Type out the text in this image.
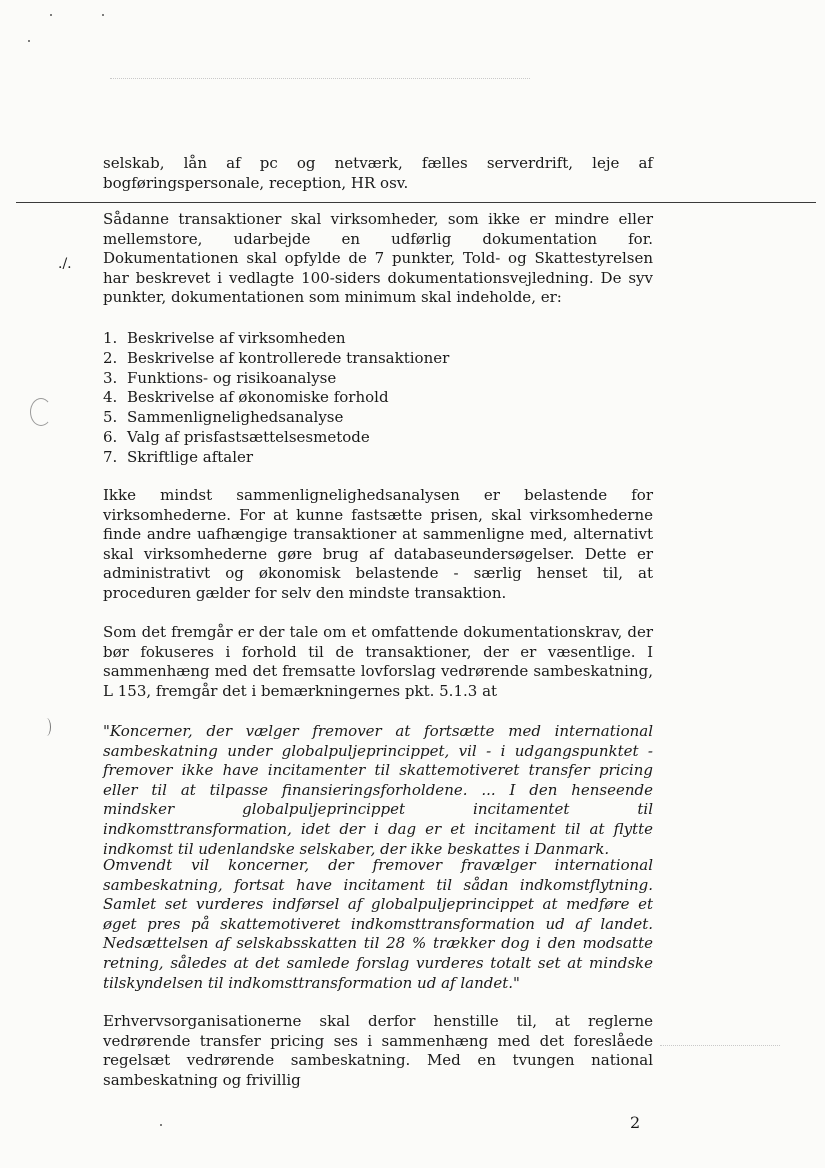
selskab, lån af pc og netværk, fælles serverdrift, leje af bogføringspersonale, reception, HR osv.

./.

Sådanne transaktioner skal virksomheder, som ikke er mindre eller mellemstore, udarbejde en udførlig dokumentation for. Dokumentationen skal opfylde de 7 punkter, Told- og Skattestyrelsen har beskrevet i vedlagte 100-siders dokumentationsvejledning. De syv punkter, dokumentationen som minimum skal indeholde, er:

1. Beskrivelse af virksomheden
2. Beskrivelse af kontrollerede transaktioner
3. Funktions- og risikoanalyse
4. Beskrivelse af økonomiske forhold
5. Sammenlignelighedsanalyse
6. Valg af prisfastsættelsesmetode
7. Skriftlige aftaler

Ikke mindst sammenlignelighedsanalysen er belastende for virksomhederne. For at kunne fastsætte prisen, skal virksomhederne finde andre uafhængige transaktioner at sammenligne med, alternativt skal virksomhederne gøre brug af databaseundersøgelser. Dette er administrativt og økonomisk belastende - særlig henset til, at proceduren gælder for selv den mindste transaktion.

Som det fremgår er der tale om et omfattende dokumentationskrav, der bør fokuseres i forhold til de transaktioner, der er væsentlige. I sammenhæng med det fremsatte lovforslag vedrørende sambeskatning, L 153, fremgår det i bemærkningernes pkt. 5.1.3 at

"Koncerner, der vælger fremover at fortsætte med international sambeskatning under globalpuljeprincippet, vil - i udgangspunktet - fremover ikke have incitamenter til skattemotiveret transfer pricing eller til at tilpasse finansieringsforholdene. ... I den henseende mindsker globalpuljeprincippet incitamentet til indkomsttransformation, idet der i dag er et incitament til at flytte indkomst til udenlandske selskaber, der ikke beskattes i Danmark.

Omvendt vil koncerner, der fremover fravælger international sambeskatning, fortsat have incitament til sådan indkomstflytning. Samlet set vurderes indførsel af globalpuljeprincippet at medføre et øget pres på skattemotiveret indkomsttransformation ud af landet. Nedsættelsen af selskabsskatten til 28 % trækker dog i den modsatte retning, således at det samlede forslag vurderes totalt set at mindske tilskyndelsen til indkomsttransformation ud af landet."

Erhvervsorganisationerne skal derfor henstille til, at reglerne vedrørende transfer pricing ses i sammenhæng med det foreslåede regelsæt vedrørende sambeskatning. Med en tvungen national sambeskatning og frivillig

2
